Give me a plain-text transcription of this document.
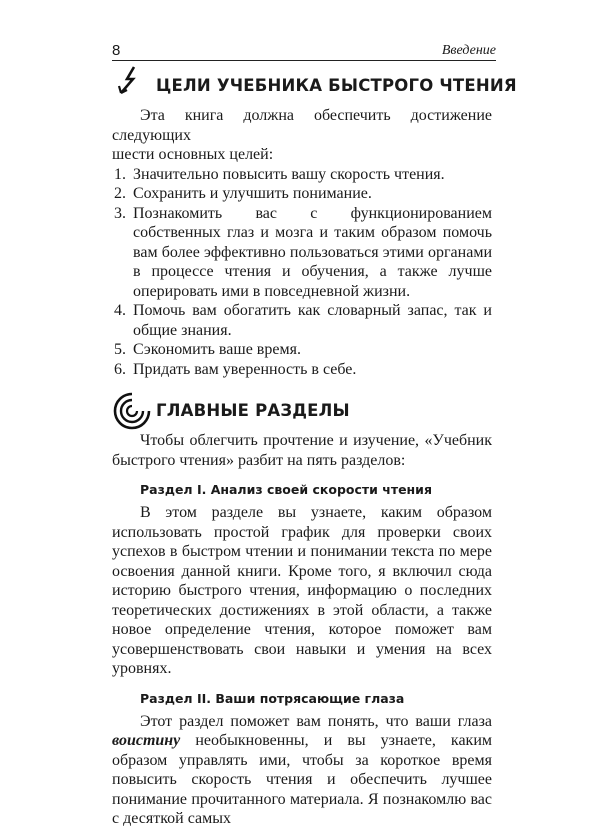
8	Введение
ЦЕЛИ УЧЕБНИКА БЫСТРОГО ЧТЕНИЯ

Эта книга должна обеспечить достижение следующих

шести основных целей:

1. Значительно повысить вашу скорость чтения.
2. Сохранить и улучшить понимание.
3. Познакомить вас с функционированием собственных глаз и мозга и таким образом помочь вам более эффективно пользоваться этими органами в процессе чтения и обучения, а также лучше оперировать ими в повседневной жизни.
4. Помочь вам обогатить как словарный запас, так и общие знания.
5. Сэкономить ваше время.
6. Придать вам уверенность в себе.
ГЛАВНЫЕ РАЗДЕЛЫ

Чтобы облегчить прочтение и изучение, «Учебник быстрого чтения» разбит на пять разделов:

Раздел I. Анализ своей скорости чтения

В этом разделе вы узнаете, каким образом использовать простой график для проверки своих успехов в быстром чтении и понимании текста по мере освоения данной книги. Кроме того, я включил сюда историю быстрого чтения, информацию о последних теоретических достижениях в этой области, а также новое определение чтения, которое поможет вам усовершенствовать свои навыки и умения на всех уровнях.

Раздел II. Ваши потрясающие глаза

Этот раздел поможет вам понять, что ваши глаза воистину необыкновенны, и вы узнаете, каким образом управлять ими, чтобы за короткое время повысить скорость чтения и обеспечить лучшее понимание прочитанного материала. Я познакомлю вас с десяткой самых
